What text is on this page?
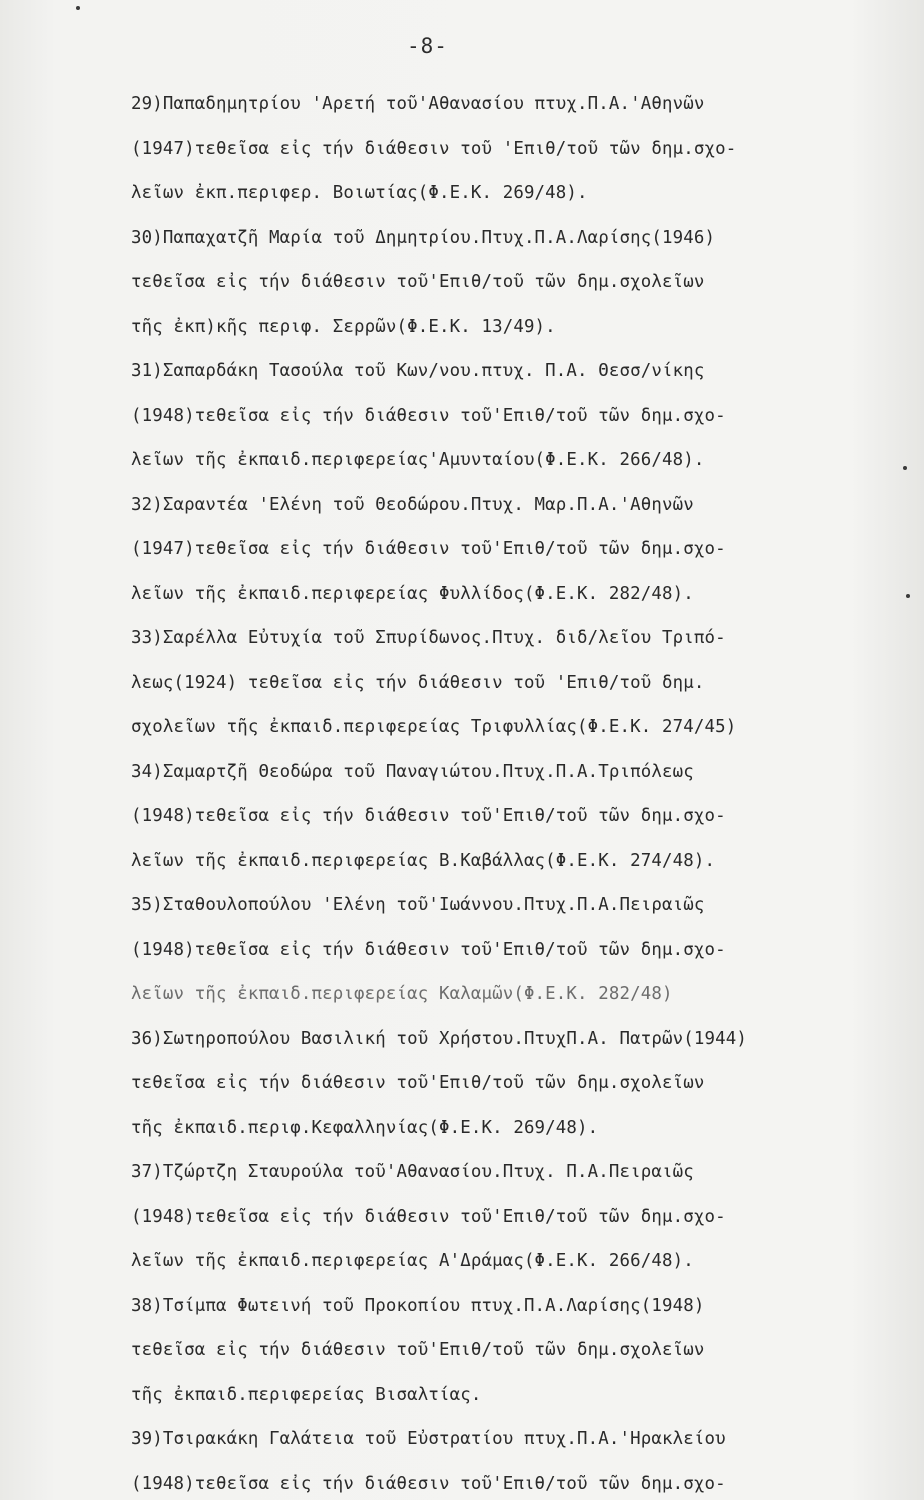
-8-
29)Παπαδημητρίου 'Αρετή τοῦ'Αθανασίου πτυχ.Π.Α.'Αθηνῶν
(1947)τεθεῖσα εἰς τήν διάθεσιν τοῦ 'Επιθ/τοῦ τῶν δημ.σχο-
λεῖων ἐκπ.περιφερ. Βοιωτίας(Φ.Ε.Κ. 269/48).
30)Παπαχατζῆ Μαρία τοῦ Δημητρίου.Πτυχ.Π.Α.Λαρίσης(1946)
τεθεῖσα εἰς τήν διάθεσιν τοῦ'Επιθ/τοῦ τῶν δημ.σχολεῖων
τῆς ἐκπ)κῆς περιφ. Σερρῶν(Φ.Ε.Κ. 13/49).
31)Σαπαρδάκη Τασούλα τοῦ Κων/νου.πτυχ. Π.Α. Θεσσ/νίκης
(1948)τεθεῖσα εἰς τήν διάθεσιν τοῦ'Επιθ/τοῦ τῶν δημ.σχο-
λεῖων τῆς ἐκπαιδ.περιφερείας'Αμυνταίου(Φ.Ε.Κ. 266/48).
32)Σαραντέα 'Ελένη τοῦ Θεοδώρου.Πτυχ. Μαρ.Π.Α.'Αθηνῶν
(1947)τεθεῖσα εἰς τήν διάθεσιν τοῦ'Επιθ/τοῦ τῶν δημ.σχο-
λεῖων τῆς ἐκπαιδ.περιφερείας Φυλλίδος(Φ.Ε.Κ. 282/48).
33)Σαρέλλα Εὐτυχία τοῦ Σπυρίδωνος.Πτυχ. διδ/λεῖου Τριπό-
λεως(1924) τεθεῖσα εἰς τήν διάθεσιν τοῦ 'Επιθ/τοῦ δημ.
σχολεῖων τῆς ἐκπαιδ.περιφερείας Τριφυλλίας(Φ.Ε.Κ. 274/45)
34)Σαμαρτζῆ Θεοδώρα τοῦ Παναγιώτου.Πτυχ.Π.Α.Τριπόλεως
(1948)τεθεῖσα εἰς τήν διάθεσιν τοῦ'Επιθ/τοῦ τῶν δημ.σχο-
λεῖων τῆς ἐκπαιδ.περιφερείας Β.Καβάλλας(Φ.Ε.Κ. 274/48).
35)Σταθουλοπούλου 'Ελένη τοῦ'Ιωάννου.Πτυχ.Π.Α.Πειραιῶς
(1948)τεθεῖσα εἰς τήν διάθεσιν τοῦ'Επιθ/τοῦ τῶν δημ.σχο-
λεῖων τῆς ἐκπαιδ.περιφερείας Καλαμῶν(Φ.Ε.Κ. 282/48)
36)Σωτηροπούλου Βασιλική τοῦ Χρήστου.ΠτυχΠ.Α. Πατρῶν(1944)
τεθεῖσα εἰς τήν διάθεσιν τοῦ'Επιθ/τοῦ τῶν δημ.σχολεῖων
τῆς ἐκπαιδ.περιφ.Κεφαλληνίας(Φ.Ε.Κ. 269/48).
37)Τζώρτζη Σταυρούλα τοῦ'Αθανασίου.Πτυχ. Π.Α.Πειραιῶς
(1948)τεθεῖσα εἰς τήν διάθεσιν τοῦ'Επιθ/τοῦ τῶν δημ.σχο-
λεῖων τῆς ἐκπαιδ.περιφερείας Α'Δράμας(Φ.Ε.Κ. 266/48).
38)Τσίμπα Φωτεινή τοῦ Προκοπίου πτυχ.Π.Α.Λαρίσης(1948)
τεθεῖσα εἰς τήν διάθεσιν τοῦ'Επιθ/τοῦ τῶν δημ.σχολεῖων
τῆς ἐκπαιδ.περιφερείας Βισαλτίας.
39)Τσιρακάκη Γαλάτεια τοῦ Εὐστρατίου πτυχ.Π.Α.'Ηρακλείου
(1948)τεθεῖσα εἰς τήν διάθεσιν τοῦ'Επιθ/τοῦ τῶν δημ.σχο-
